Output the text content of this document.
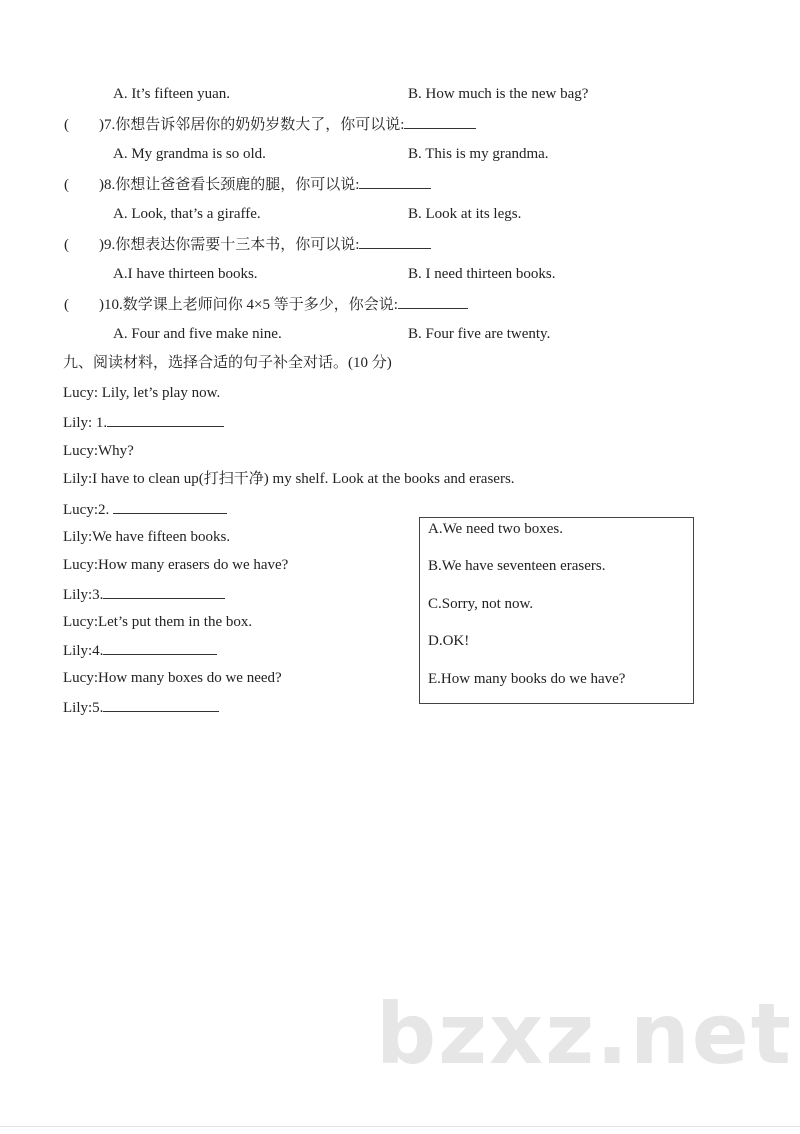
A. It’s fifteen yuan.	B. How much is the new bag?
( )7.你想告诉邻居你的奶奶岁数大了，你可以说:
A. My grandma is so old.	B. This is my grandma.
( )8.你想让爸爸看长颈鹿的腿，你可以说:
A. Look, that’s a giraffe.	B. Look at its legs.
( )9.你想表达你需要十三本书，你可以说:
A.I have thirteen books.	B. I need thirteen books.
( )10.数学课上老师问你 4×5 等于多少，你会说:
A. Four and five make nine.	B. Four five are twenty.
九、阅读材料，选择合适的句子补全对话。(10 分)
Lucy: Lily, let’s play now.
Lily: 1.
Lucy:Why?
Lily:I have to clean up(打扫干净) my shelf. Look at the books and erasers.
Lucy:2.
Lily:We have fifteen books.
Lucy:How many erasers do we have?
Lily:3.
Lucy:Let’s put them in the box.
Lily:4.
Lucy:How many boxes do we need?
Lily:5.
A.We need two boxes.
B.We have seventeen erasers.
C.Sorry, not now.
D.OK!
E.How many books do we have?
bzxz.net
